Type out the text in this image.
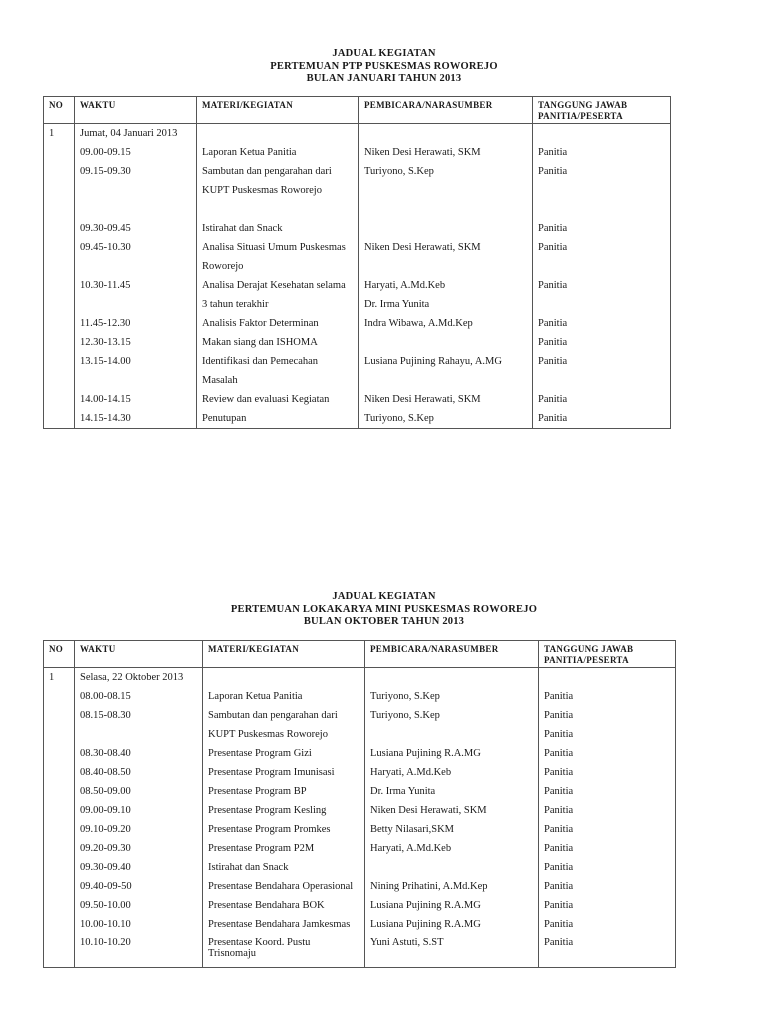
JADUAL KEGIATAN
PERTEMUAN PTP PUSKESMAS ROWOREJO
BULAN JANUARI TAHUN 2013
NO	WAKTU	MATERI/KEGIATAN	PEMBICARA/NARASUMBER	TANGGUNG JAWAB PANITIA/PESERTA
1	Jumat, 04 Januari 2013			
	09.00-09.15	Laporan Ketua Panitia	Niken Desi Herawati, SKM	Panitia
	09.15-09.30	Sambutan dan pengarahan dari	Turiyono, S.Kep	Panitia
		KUPT Puskesmas Roworejo		

	09.30-09.45	Istirahat dan Snack		Panitia
	09.45-10.30	Analisa Situasi Umum Puskesmas	Niken Desi Herawati, SKM	Panitia
		Roworejo		
	10.30-11.45	Analisa Derajat Kesehatan selama	Haryati, A.Md.Keb	Panitia
		3 tahun terakhir	Dr. Irma Yunita	
	11.45-12.30	Analisis Faktor Determinan	Indra Wibawa, A.Md.Kep	Panitia
	12.30-13.15	Makan siang dan ISHOMA		Panitia
	13.15-14.00	Identifikasi dan Pemecahan	Lusiana Pujining Rahayu, A.MG	Panitia
		Masalah		
	14.00-14.15	Review dan evaluasi Kegiatan	Niken Desi Herawati, SKM	Panitia
	14.15-14.30	Penutupan	Turiyono, S.Kep	Panitia
JADUAL KEGIATAN
PERTEMUAN LOKAKARYA MINI PUSKESMAS ROWOREJO
BULAN OKTOBER TAHUN 2013
NO	WAKTU	MATERI/KEGIATAN	PEMBICARA/NARASUMBER	TANGGUNG JAWAB PANITIA/PESERTA
1	Selasa, 22 Oktober 2013			
	08.00-08.15	Laporan Ketua Panitia	Turiyono, S.Kep	Panitia
	08.15-08.30	Sambutan dan pengarahan dari	Turiyono, S.Kep	Panitia
		KUPT Puskesmas Roworejo		Panitia
	08.30-08.40	Presentase Program Gizi	Lusiana Pujining R.A.MG	Panitia
	08.40-08.50	Presentase Program Imunisasi	Haryati, A.Md.Keb	Panitia
	08.50-09.00	Presentase Program BP	Dr. Irma Yunita	Panitia
	09.00-09.10	Presentase Program Kesling	Niken Desi Herawati, SKM	Panitia
	09.10-09.20	Presentase Program Promkes	Betty Nilasari,SKM	Panitia
	09.20-09.30	Presentase Program P2M	Haryati, A.Md.Keb	Panitia
	09.30-09.40	Istirahat dan Snack		Panitia
	09.40-09-50	Presentase Bendahara Operasional	Nining Prihatini, A.Md.Kep	Panitia
	09.50-10.00	Presentase Bendahara BOK	Lusiana Pujining R.A.MG	Panitia
	10.00-10.10	Presentase Bendahara Jamkesmas	Lusiana Pujining R.A.MG	Panitia
	10.10-10.20	Presentase Koord. Pustu Trisnomaju	Yuni Astuti, S.ST	Panitia
